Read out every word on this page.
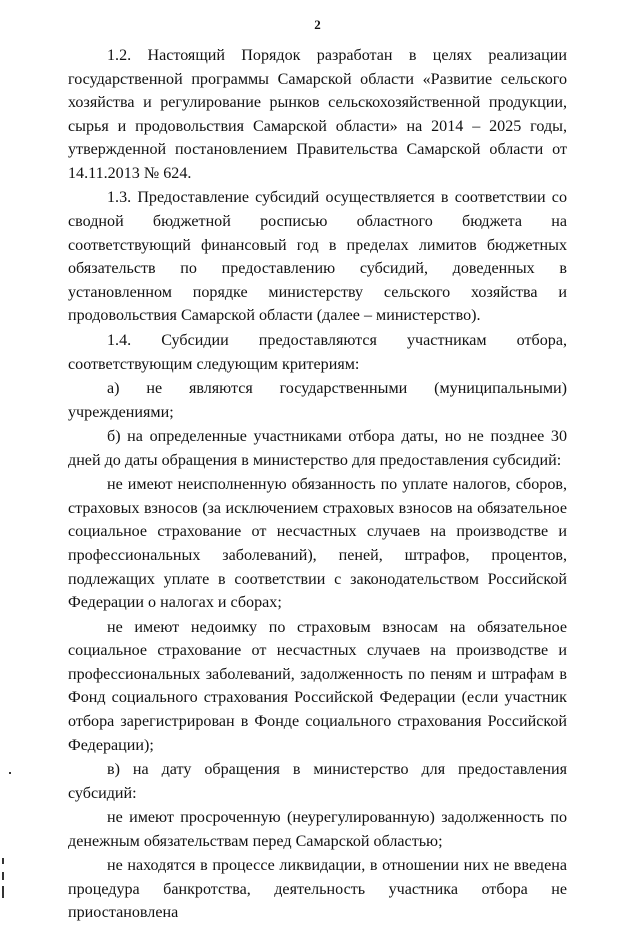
2

1.2. Настоящий Порядок разработан в целях реализации государственной программы Самарской области «Развитие сельского хозяйства и регулирование рынков сельскохозяйственной продукции, сырья и продовольствия Самарской области» на 2014 – 2025 годы, утвержденной постановлением Правительства Самарской области от 14.11.2013 № 624.

1.3. Предоставление субсидий осуществляется в соответствии со сводной бюджетной росписью областного бюджета на соответствующий финансовый год в пределах лимитов бюджетных обязательств по предоставлению субсидий, доведенных в установленном порядке министерству сельского хозяйства и продовольствия Самарской области (далее – министерство).

1.4. Субсидии предоставляются участникам отбора, соответствующим следующим критериям:

а) не являются государственными (муниципальными) учреждениями;

б) на определенные участниками отбора даты, но не позднее 30 дней до даты обращения в министерство для предоставления субсидий:

не имеют неисполненную обязанность по уплате налогов, сборов, страховых взносов (за исключением страховых взносов на обязательное социальное страхование от несчастных случаев на производстве и профессиональных заболеваний), пеней, штрафов, процентов, подлежащих уплате в соответствии с законодательством Российской Федерации о налогах и сборах;

не имеют недоимку по страховым взносам на обязательное социальное страхование от несчастных случаев на производстве и профессиональных заболеваний, задолженность по пеням и штрафам в Фонд социального страхования Российской Федерации (если участник отбора зарегистрирован в Фонде социального страхования Российской Федерации);

в) на дату обращения в министерство для предоставления субсидий:

не имеют просроченную (неурегулированную) задолженность по денежным обязательствам перед Самарской областью;

не находятся в процессе ликвидации, в отношении них не введена процедура банкротства, деятельность участника отбора не приостановлена
